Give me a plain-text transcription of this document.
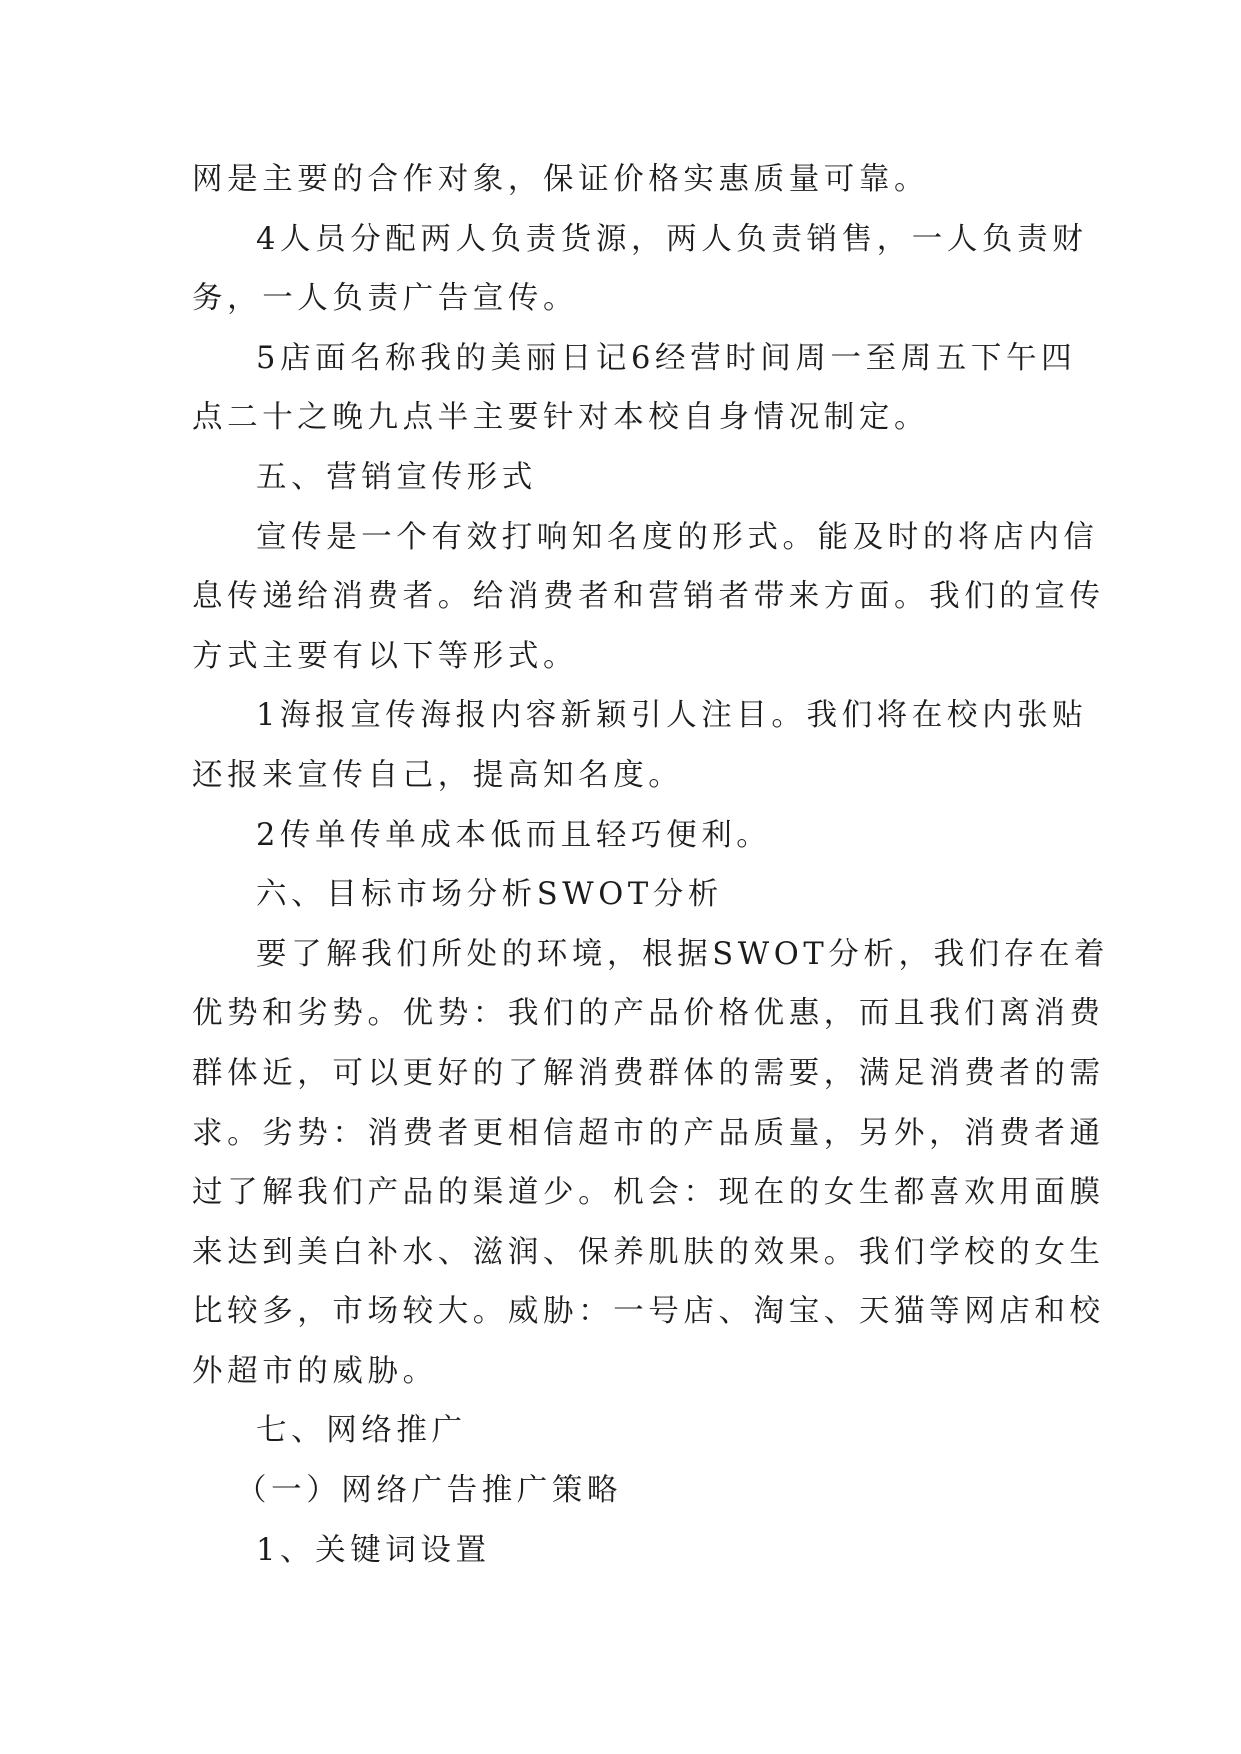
网是主要的合作对象，保证价格实惠质量可靠。
4人员分配两人负责货源，两人负责销售，一人负责财
务，一人负责广告宣传。
5店面名称我的美丽日记6经营时间周一至周五下午四
点二十之晚九点半主要针对本校自身情况制定。
五、营销宣传形式
宣传是一个有效打响知名度的形式。能及时的将店内信
息传递给消费者。给消费者和营销者带来方面。我们的宣传
方式主要有以下等形式。
1海报宣传海报内容新颖引人注目。我们将在校内张贴
还报来宣传自己，提高知名度。
2传单传单成本低而且轻巧便利。
六、目标市场分析SWOT分析
要了解我们所处的环境，根据SWOT分析，我们存在着
优势和劣势。优势：我们的产品价格优惠，而且我们离消费
群体近，可以更好的了解消费群体的需要，满足消费者的需
求。劣势：消费者更相信超市的产品质量，另外，消费者通
过了解我们产品的渠道少。机会：现在的女生都喜欢用面膜
来达到美白补水、滋润、保养肌肤的效果。我们学校的女生
比较多，市场较大。威胁：一号店、淘宝、天猫等网店和校
外超市的威胁。
七、网络推广
（一）网络广告推广策略
1、关键词设置
